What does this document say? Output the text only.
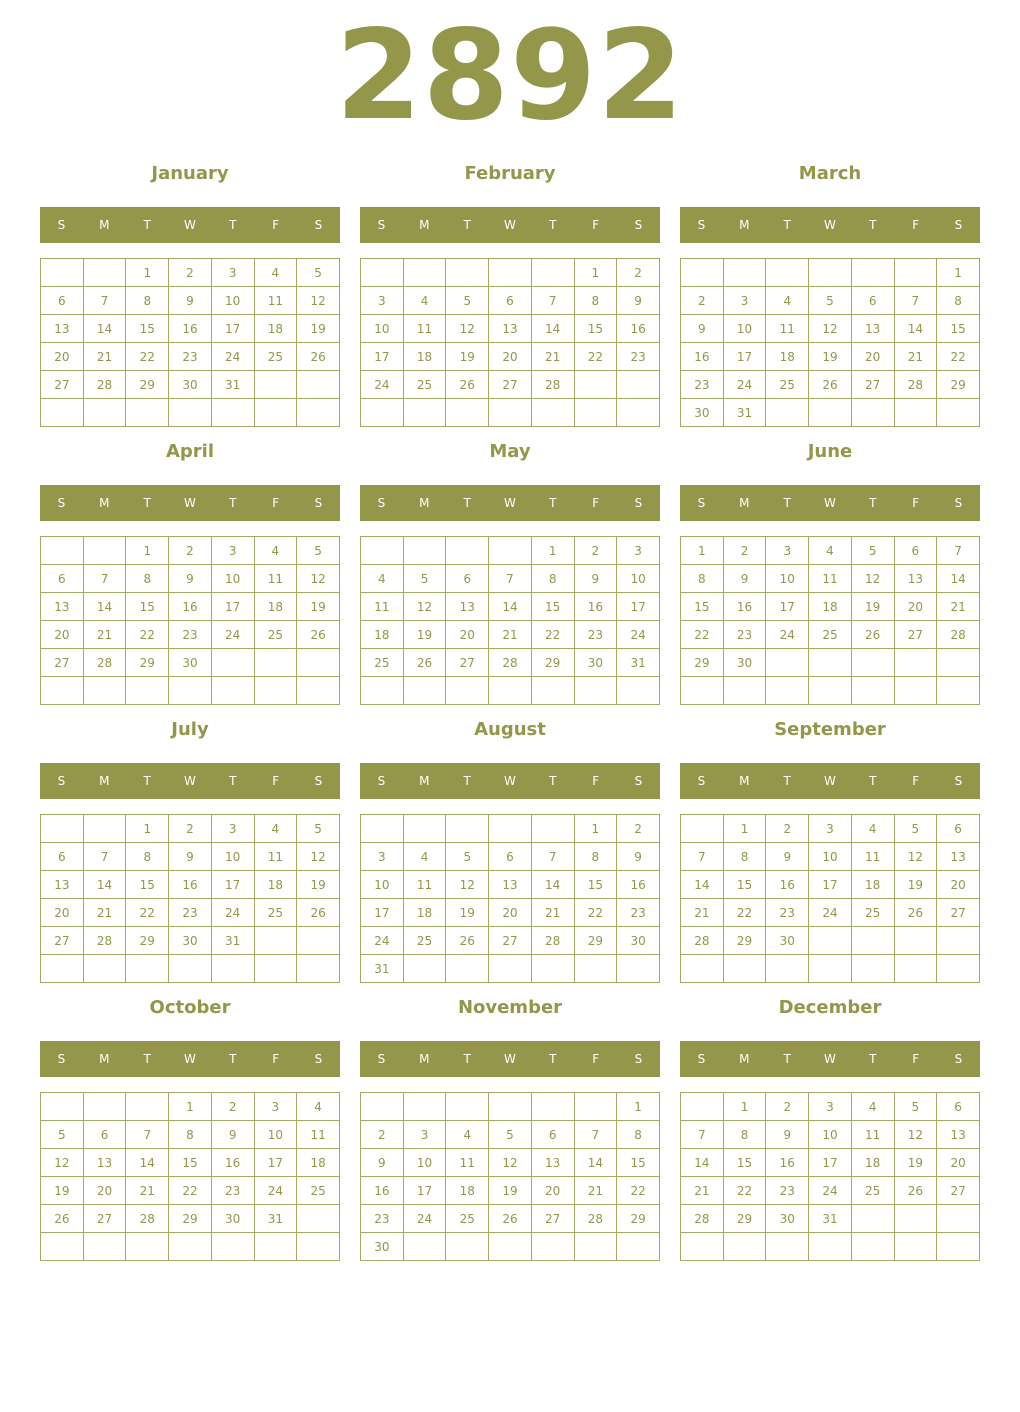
2892
January
S	M	T	W	T	F	S
		1	2	3	4	5
6	7	8	9	10	11	12
13	14	15	16	17	18	19
20	21	22	23	24	25	26
27	28	29	30	31		

February
S	M	T	W	T	F	S
					1	2
3	4	5	6	7	8	9
10	11	12	13	14	15	16
17	18	19	20	21	22	23
24	25	26	27	28		

March
S	M	T	W	T	F	S
						1
2	3	4	5	6	7	8
9	10	11	12	13	14	15
16	17	18	19	20	21	22
23	24	25	26	27	28	29
30	31					
April
S	M	T	W	T	F	S
		1	2	3	4	5
6	7	8	9	10	11	12
13	14	15	16	17	18	19
20	21	22	23	24	25	26
27	28	29	30			

May
S	M	T	W	T	F	S
				1	2	3
4	5	6	7	8	9	10
11	12	13	14	15	16	17
18	19	20	21	22	23	24
25	26	27	28	29	30	31

June
S	M	T	W	T	F	S
1	2	3	4	5	6	7
8	9	10	11	12	13	14
15	16	17	18	19	20	21
22	23	24	25	26	27	28
29	30					

July
S	M	T	W	T	F	S
		1	2	3	4	5
6	7	8	9	10	11	12
13	14	15	16	17	18	19
20	21	22	23	24	25	26
27	28	29	30	31		

August
S	M	T	W	T	F	S
					1	2
3	4	5	6	7	8	9
10	11	12	13	14	15	16
17	18	19	20	21	22	23
24	25	26	27	28	29	30
31						
September
S	M	T	W	T	F	S
	1	2	3	4	5	6
7	8	9	10	11	12	13
14	15	16	17	18	19	20
21	22	23	24	25	26	27
28	29	30				

October
S	M	T	W	T	F	S
			1	2	3	4
5	6	7	8	9	10	11
12	13	14	15	16	17	18
19	20	21	22	23	24	25
26	27	28	29	30	31	

November
S	M	T	W	T	F	S
						1
2	3	4	5	6	7	8
9	10	11	12	13	14	15
16	17	18	19	20	21	22
23	24	25	26	27	28	29
30						
December
S	M	T	W	T	F	S
	1	2	3	4	5	6
7	8	9	10	11	12	13
14	15	16	17	18	19	20
21	22	23	24	25	26	27
28	29	30	31			
